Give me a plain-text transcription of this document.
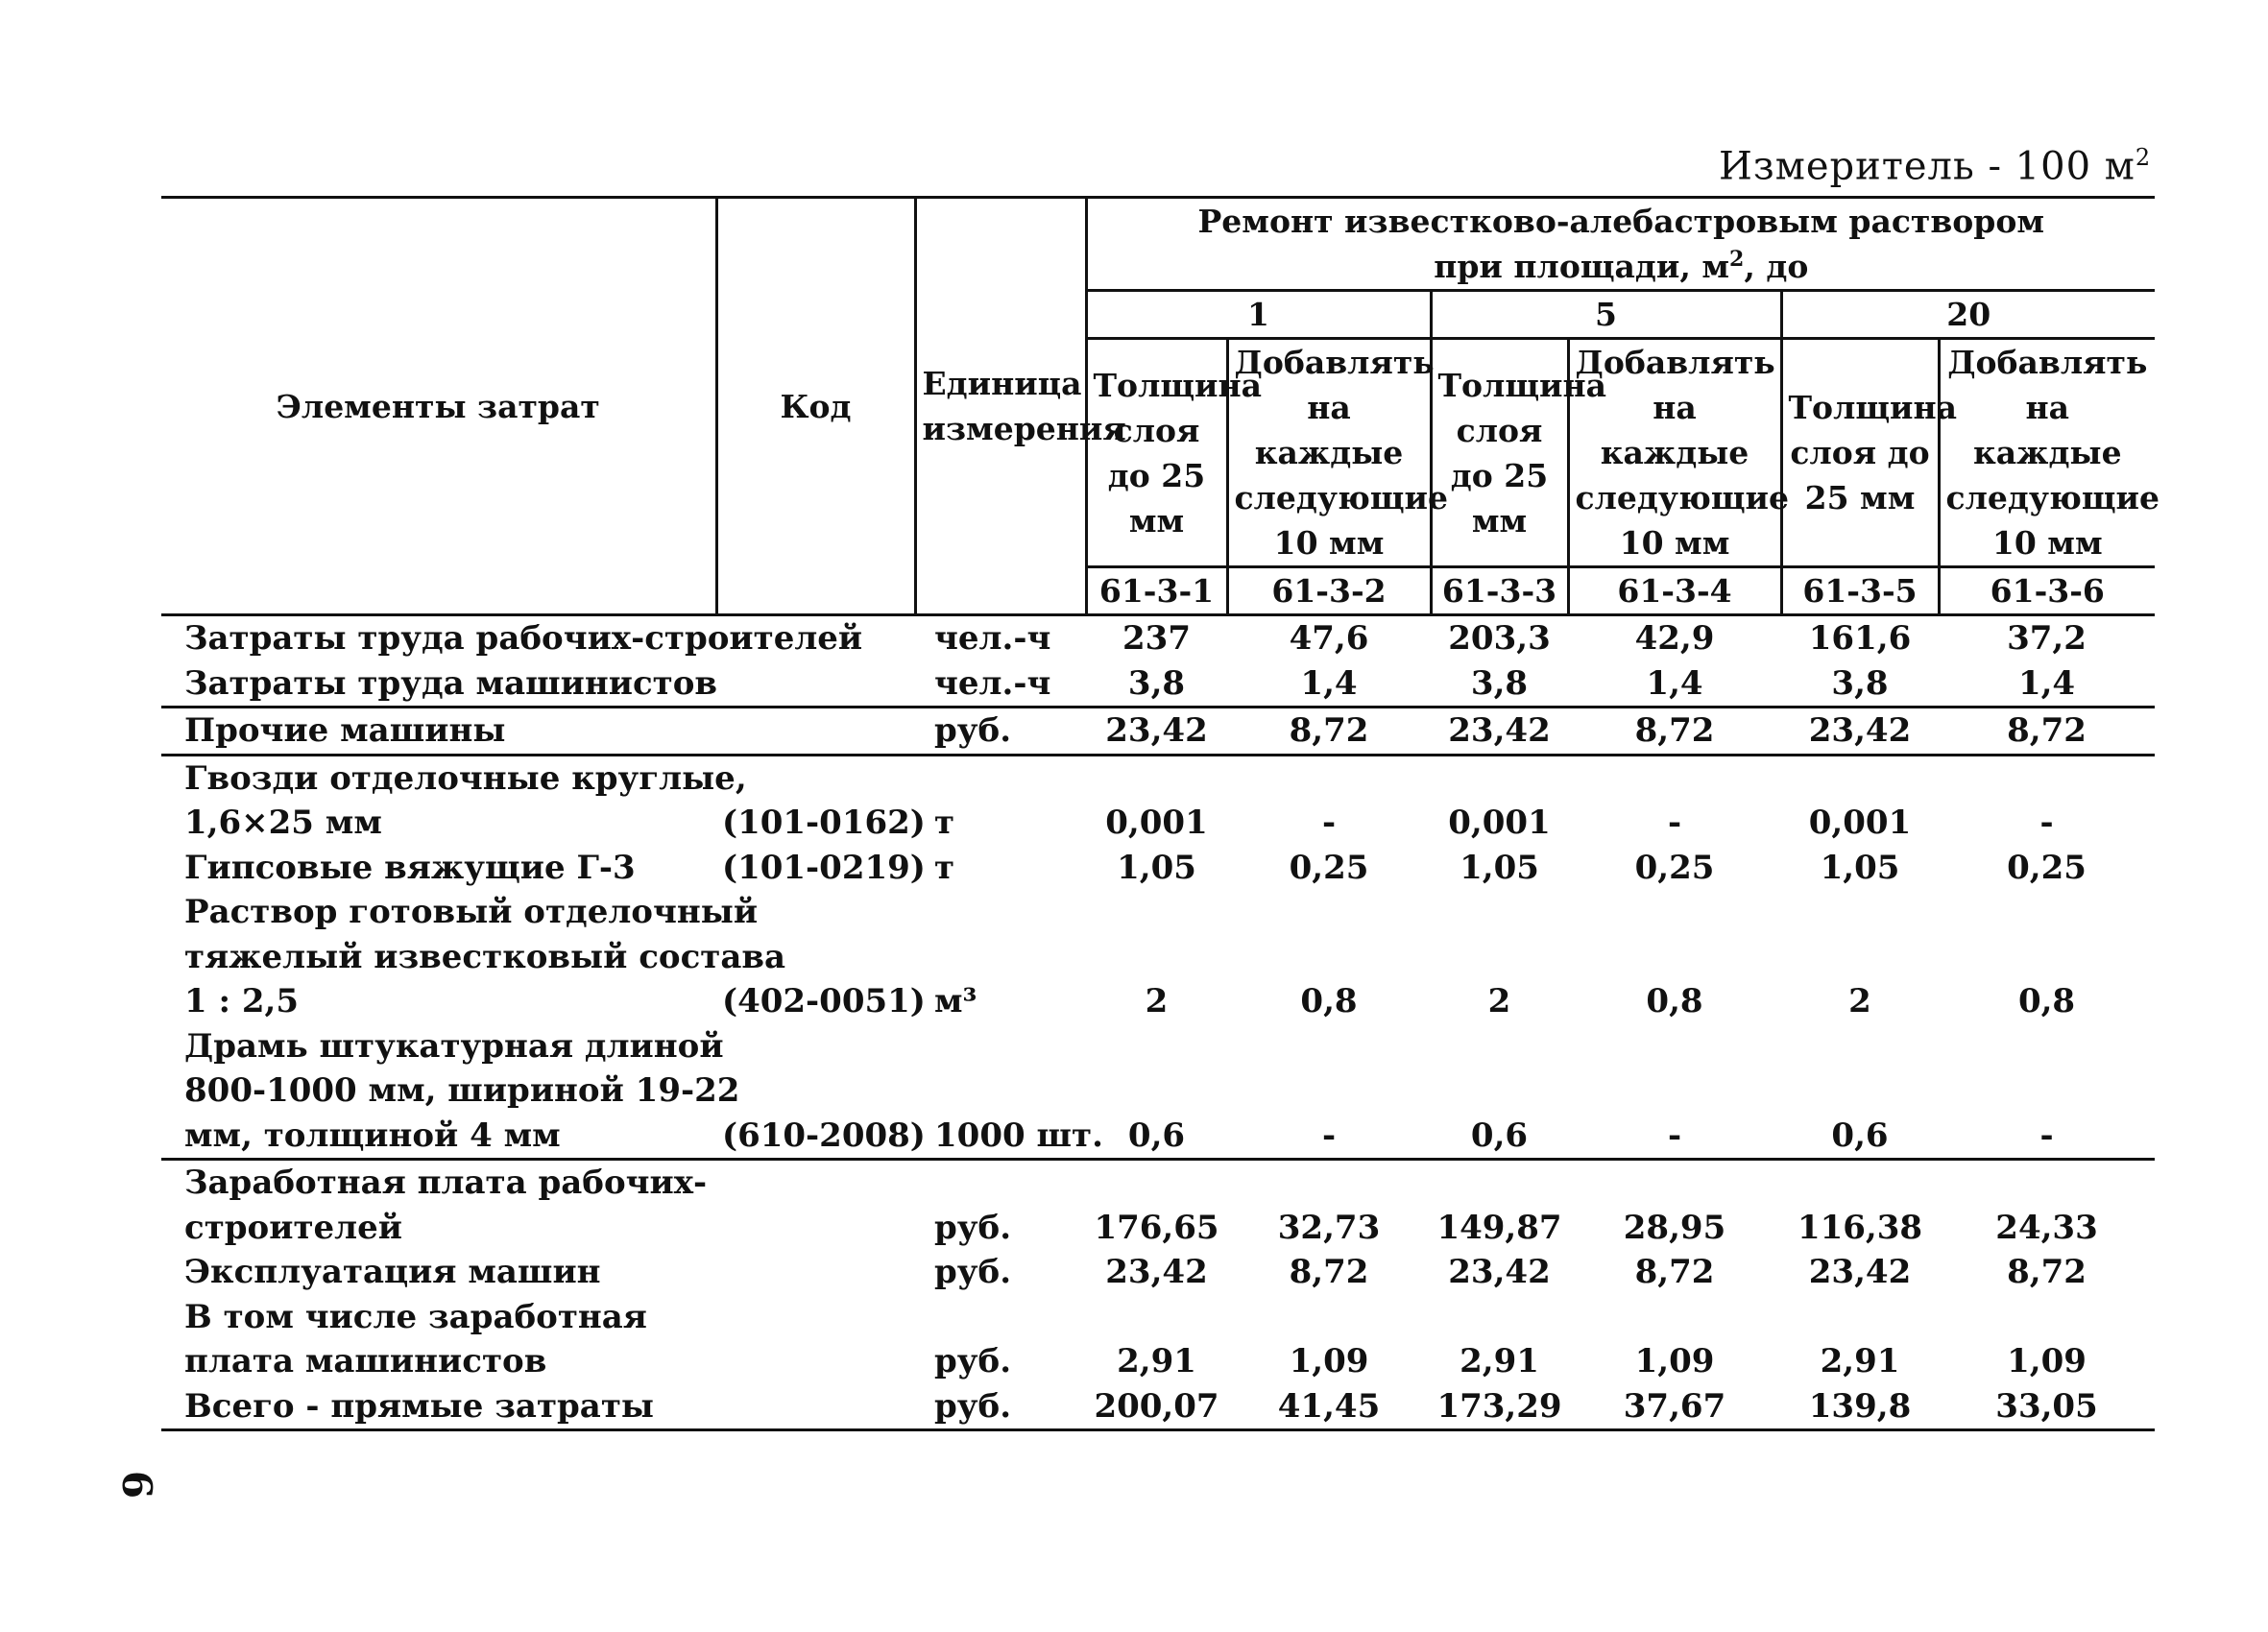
Измеритель - 100 $м^2$
Элементы затрат	Код	Единица измерения	Ремонт известково-алебастровым раствором
при площади, $м^2$, до					
			1		5		20	
			Толщина слоя до 25 мм	Добавлять на каждые следующие 10 мм	Толщина слоя до 25 мм	Добавлять на каждые следующие 10 мм	Толщина слоя до 25 мм	Добавлять на каждые следующие 10 мм
			61-3-1	61-3-2	61-3-3	61-3-4	61-3-5	61-3-6

Затраты труда рабочих-строителей		чел.-ч	237	47,6	203,3	42,9	161,6	37,2

Затраты труда машинистов		чел.-ч	3,8	1,4	3,8	1,4	3,8	1,4

Прочие машины		руб.	23,42	8,72	23,42	8,72	23,42	8,72

Гвозди отделочные круглые,
1,6×25 мм	(101-0162)	т	0,001	-	0,001	-	0,001	-

Гипсовые вяжущие Г-3	(101-0219)	т	1,05	0,25	1,05	0,25	1,05	0,25

Раствор готовый отделочный
тяжелый известковый состава
1 : 2,5	(402-0051)	м³	2	0,8	2	0,8	2	0,8

Драмь штукатурная длиной
800-1000 мм, шириной 19-22
мм, толщиной 4 мм	(610-2008)	1000 шт.	0,6	-	0,6	-	0,6	-

Заработная плата рабочих-
строителей		руб.	176,65	32,73	149,87	28,95	116,38	24,33

Эксплуатация машин		руб.	23,42	8,72	23,42	8,72	23,42	8,72

В том числе заработная
плата машинистов		руб.	2,91	1,09	2,91	1,09	2,91	1,09

Всего - прямые затраты		руб.	200,07	41,45	173,29	37,67	139,8	33,05
6
